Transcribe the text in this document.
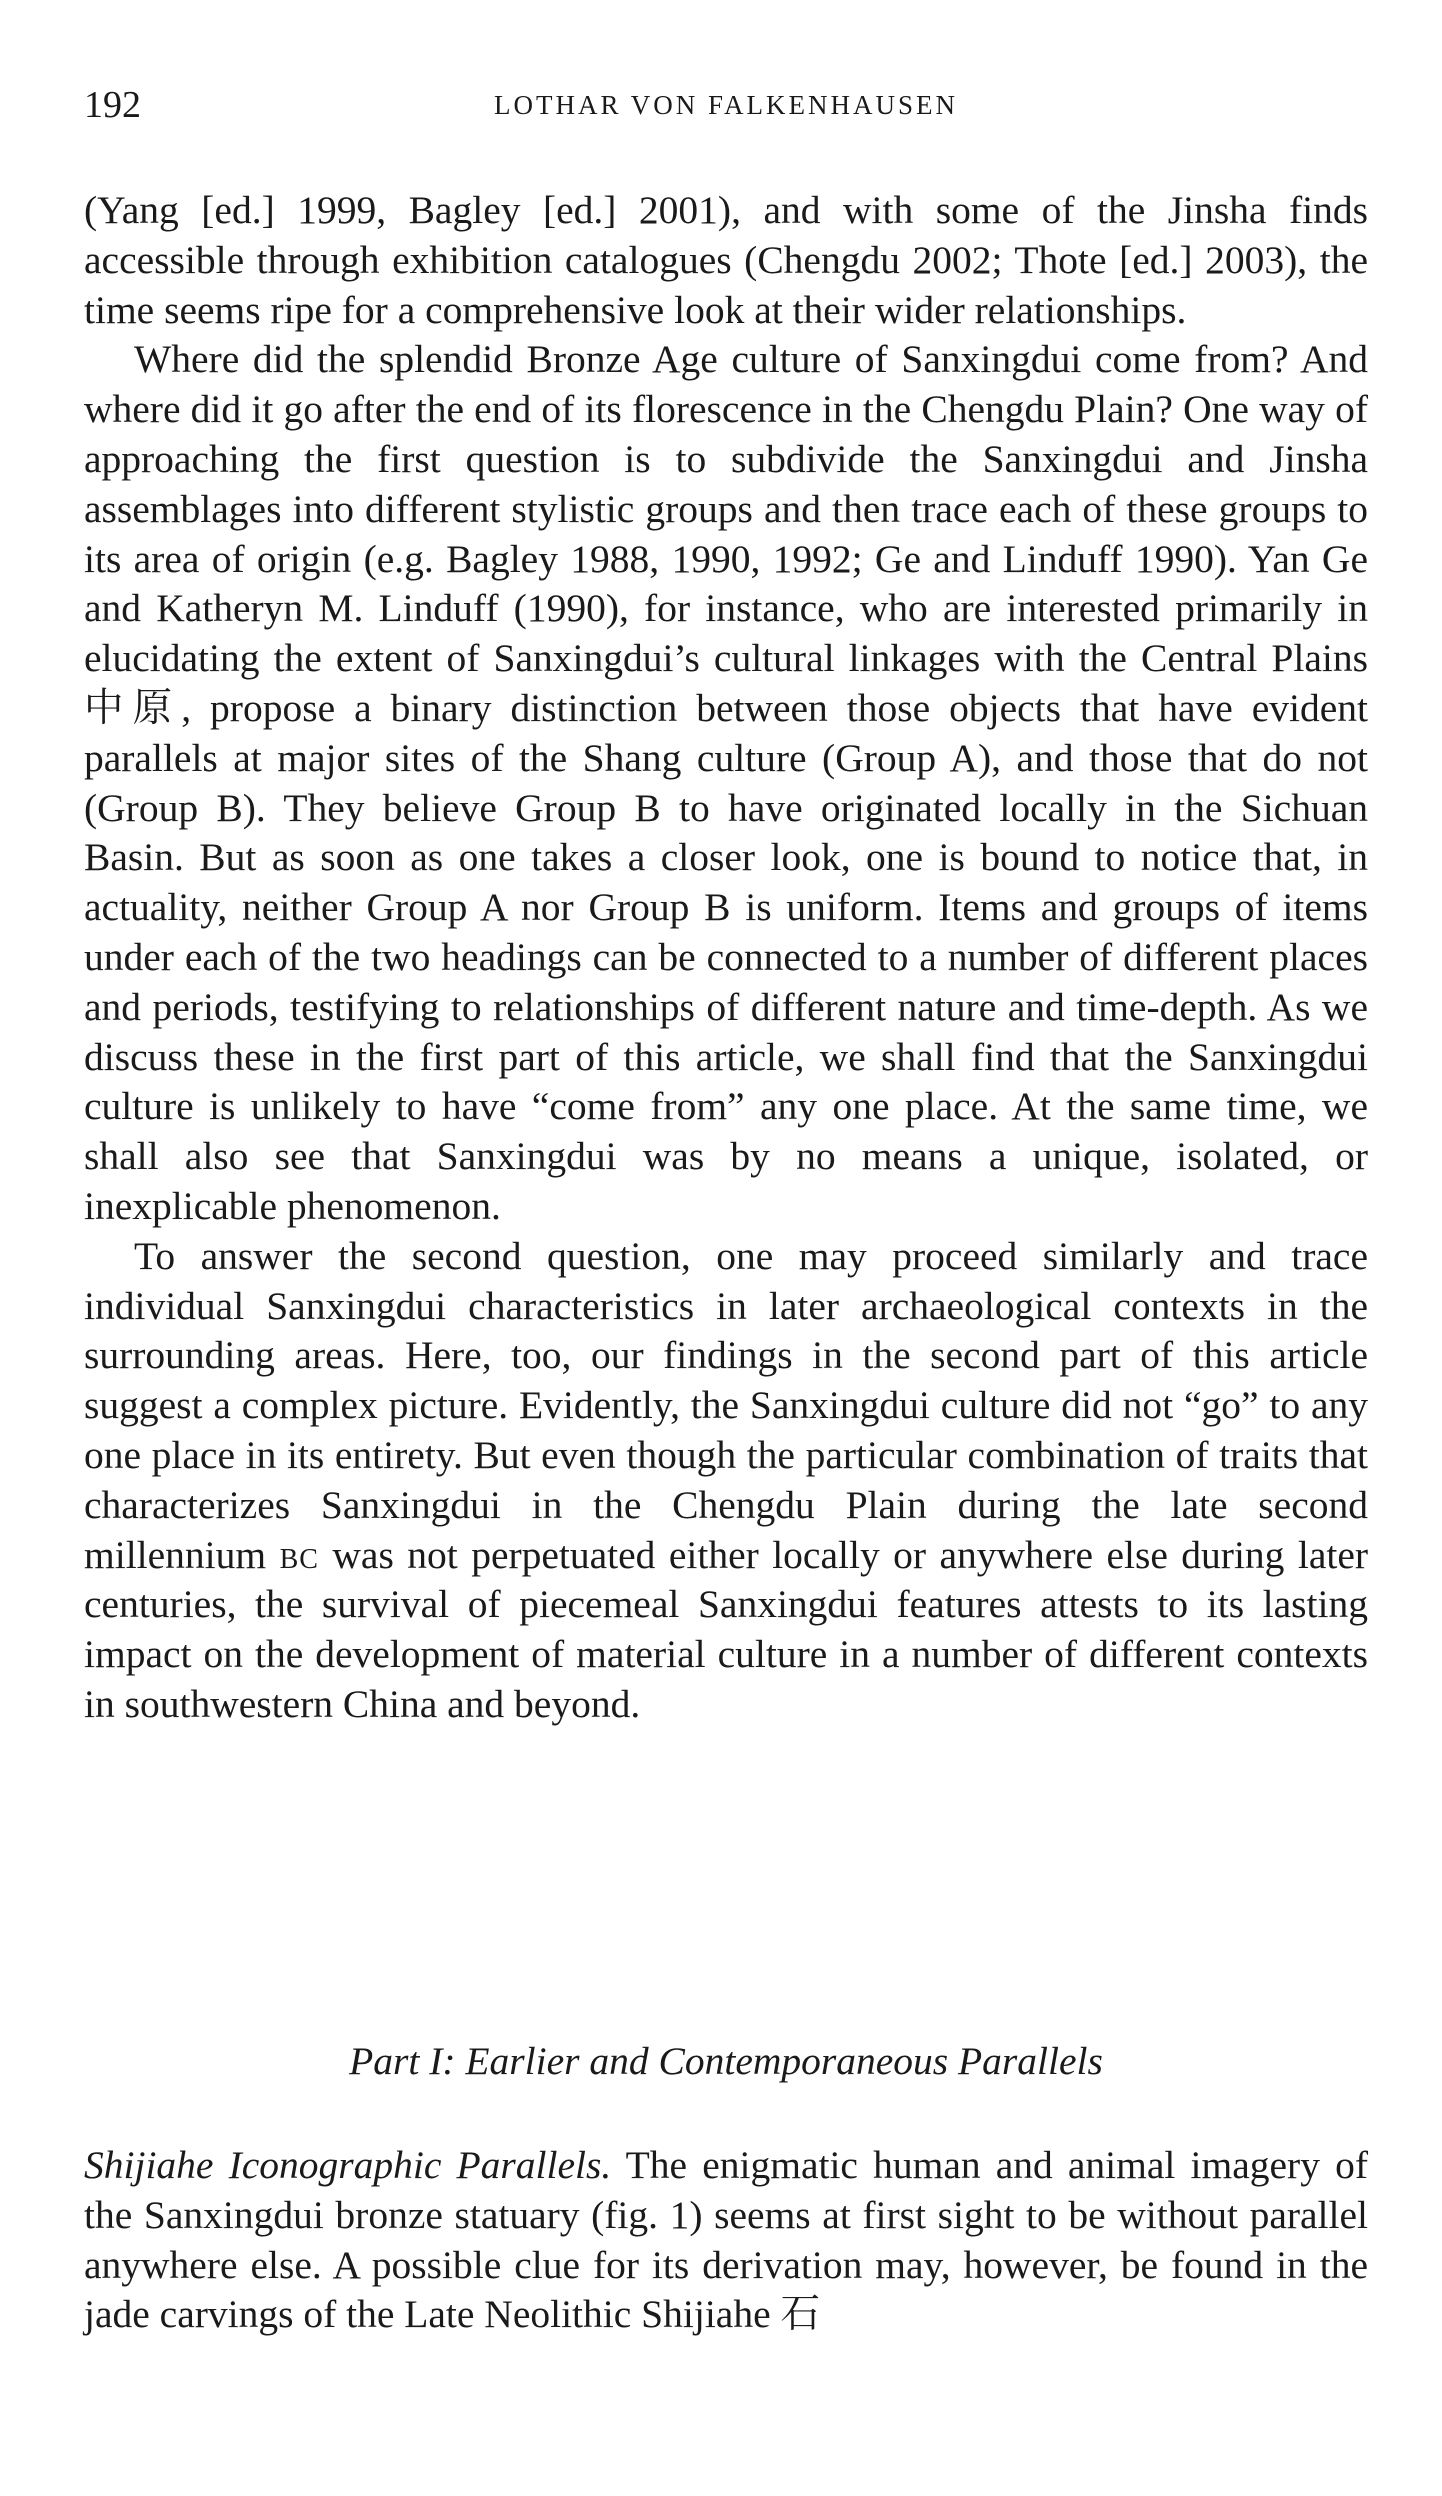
192	LOTHAR VON FALKENHAUSEN

(Yang [ed.] 1999, Bagley [ed.] 2001), and with some of the Jinsha finds accessible through exhibition catalogues (Chengdu 2002; Thote [ed.] 2003), the time seems ripe for a comprehensive look at their wider relationships.

Where did the splendid Bronze Age culture of Sanxingdui come from? And where did it go after the end of its florescence in the Chengdu Plain? One way of approaching the first question is to subdivide the Sanxingdui and Jinsha assemblages into different stylistic groups and then trace each of these groups to its area of origin (e.g. Bagley 1988, 1990, 1992; Ge and Linduff 1990). Yan Ge and Katheryn M. Linduff (1990), for instance, who are interested primarily in elucidating the extent of Sanxingdui’s cultural linkages with the Central Plains 中原, propose a binary distinction between those objects that have evident parallels at major sites of the Shang culture (Group A), and those that do not (Group B). They believe Group B to have originated locally in the Sichuan Basin. But as soon as one takes a closer look, one is bound to notice that, in actuality, neither Group A nor Group B is uniform. Items and groups of items under each of the two headings can be connected to a number of different places and periods, testifying to relationships of different nature and time-depth. As we discuss these in the first part of this article, we shall find that the Sanxingdui culture is unlikely to have “come from” any one place. At the same time, we shall also see that Sanxingdui was by no means a unique, isolated, or inexplicable phenomenon.

To answer the second question, one may proceed similarly and trace individual Sanxingdui characteristics in later archaeological contexts in the surrounding areas. Here, too, our findings in the second part of this article suggest a complex picture. Evidently, the Sanxingdui culture did not “go” to any one place in its entirety. But even though the particular combination of traits that characterizes Sanxingdui in the Chengdu Plain during the late second millennium bc was not perpetuated either locally or anywhere else during later centuries, the survival of piecemeal Sanxingdui features attests to its lasting impact on the development of material culture in a number of different contexts in southwestern China and beyond.

Part I: Earlier and Contemporaneous Parallels

Shijiahe Iconographic Parallels. The enigmatic human and animal imagery of the Sanxingdui bronze statuary (fig. 1) seems at first sight to be without parallel anywhere else. A possible clue for its derivation may, however, be found in the jade carvings of the Late Neolithic Shijiahe 石
